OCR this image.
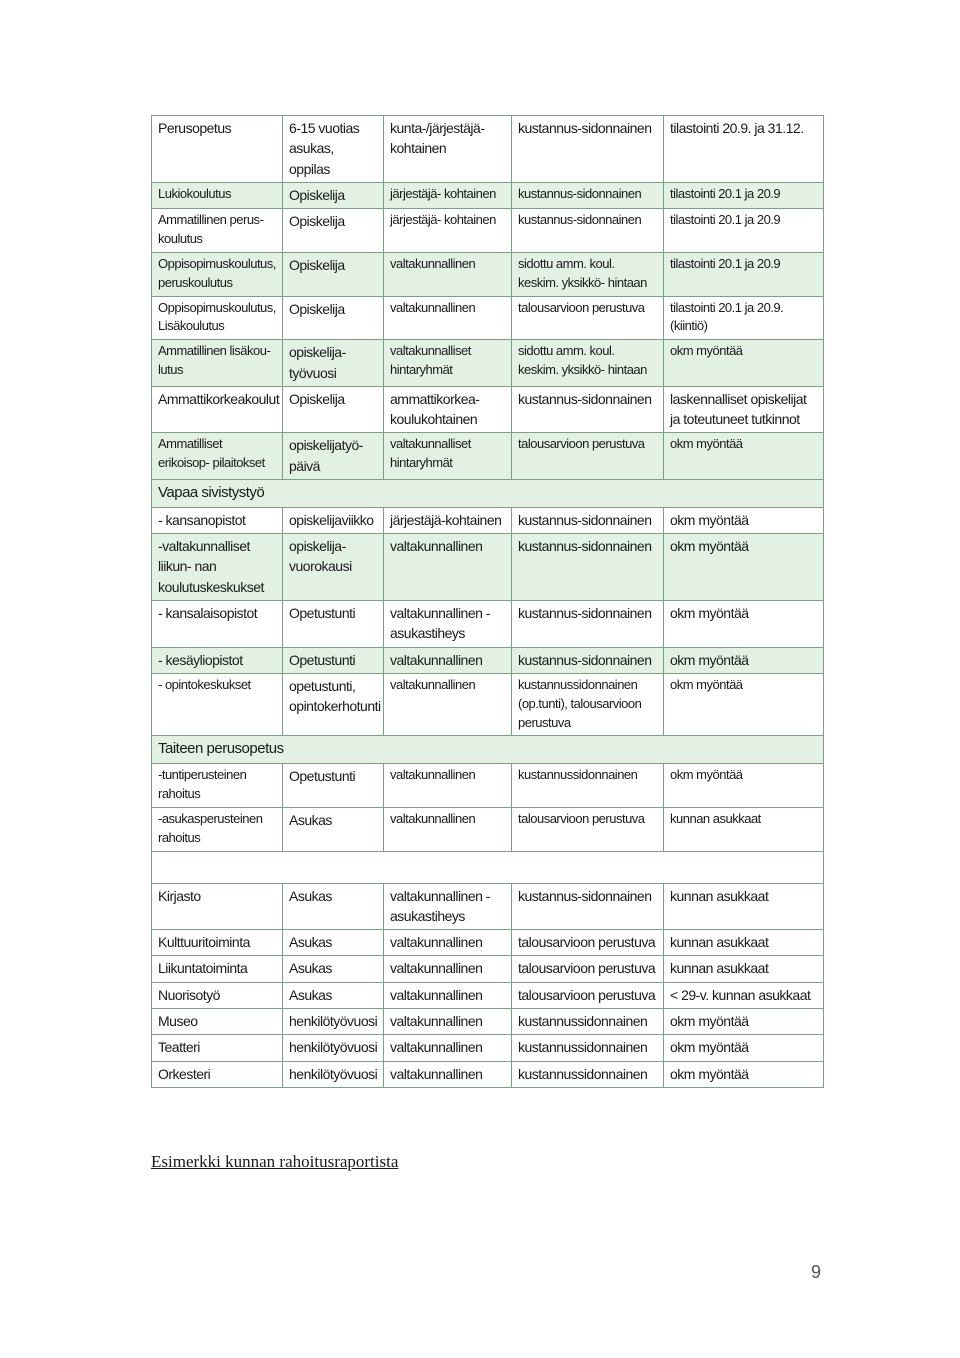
Perusopetus	6-15 vuotias asukas, oppilas	kunta-/järjestäjä- kohtainen	kustannus-sidonnainen	tilastointi 20.9. ja 31.12.
Lukiokoulutus	Opiskelija	järjestäjä- kohtainen	kustannus-sidonnainen	tilastointi 20.1 ja 20.9
Ammatillinen perus- koulutus	Opiskelija	järjestäjä- kohtainen	kustannus-sidonnainen	tilastointi 20.1 ja 20.9
Oppisopimuskoulutus, peruskoulutus	Opiskelija	valtakunnallinen	sidottu amm. koul. keskim. yksikkö- hintaan	tilastointi 20.1 ja 20.9
Oppisopimuskoulutus, Lisäkoulutus	Opiskelija	valtakunnallinen	talousarvioon perustuva	tilastointi 20.1 ja 20.9. (kiintiö)
Ammatillinen lisäkou- lutus	opiskelija- työvuosi	valtakunnalliset hintaryhmät	sidottu amm. koul. keskim. yksikkö- hintaan	okm myöntää
Ammattikorkeakoulut	Opiskelija	ammattikorkea- koulukohtainen	kustannus-sidonnainen	laskennalliset opiskelijat ja toteutuneet tutkinnot
Ammatilliset erikoisop- pilaitokset	opiskelijatyö- päivä	valtakunnalliset hintaryhmät	talousarvioon perustuva	okm myöntää
Vapaa sivistystyö				
- kansanopistot	opiskelijaviikko	järjestäjä-kohtainen	kustannus-sidonnainen	okm myöntää
-valtakunnalliset liikun- nan koulutuskeskukset	opiskelija- vuorokausi	valtakunnallinen	kustannus-sidonnainen	okm myöntää
- kansalaisopistot	Opetustunti	valtakunnallinen -asukastiheys	kustannus-sidonnainen	okm myöntää
- kesäyliopistot	Opetustunti	valtakunnallinen	kustannus-sidonnainen	okm myöntää
- opintokeskukset	opetustunti, opintokerhotunti	valtakunnallinen	kustannussidonnainen (op.tunti), talousarvioon perustuva	okm myöntää
Taiteen perusopetus				
-tuntiperusteinen rahoitus	Opetustunti	valtakunnallinen	kustannussidonnainen	okm myöntää
-asukasperusteinen rahoitus	Asukas	valtakunnallinen	talousarvioon perustuva	kunnan asukkaat

Kirjasto	Asukas	valtakunnallinen -asukastiheys	kustannus-sidonnainen	kunnan asukkaat
Kulttuuritoiminta	Asukas	valtakunnallinen	talousarvioon perustuva	kunnan asukkaat
Liikuntatoiminta	Asukas	valtakunnallinen	talousarvioon perustuva	kunnan asukkaat
Nuorisotyö	Asukas	valtakunnallinen	talousarvioon perustuva	< 29-v. kunnan asukkaat
Museo	henkilötyövuosi	valtakunnallinen	kustannussidonnainen	okm myöntää
Teatteri	henkilötyövuosi	valtakunnallinen	kustannussidonnainen	okm myöntää
Orkesteri	henkilötyövuosi	valtakunnallinen	kustannussidonnainen	okm myöntää
Esimerkki kunnan rahoitusraportista
9
